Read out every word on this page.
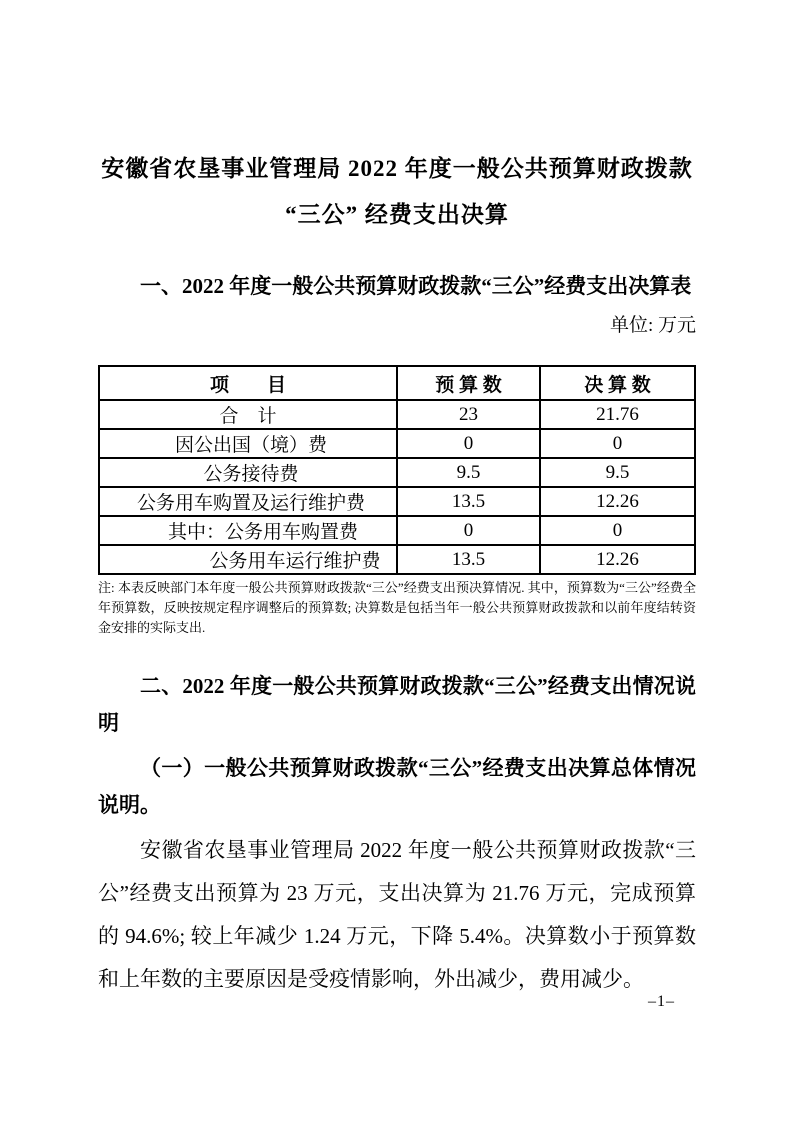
安徽省农垦事业管理局 2022 年度一般公共预算财政拨款
“三公” 经费支出决算
一、2022 年度一般公共预算财政拨款“三公”经费支出决算表
单位: 万元
项　　目	预 算 数	决 算 数
合　计	23	21.76
因公出国（境）费	0	0
公务接待费	9.5	9.5
公务用车购置及运行维护费	13.5	12.26
其中：公务用车购置费	0	0
公务用车运行维护费	13.5	12.26
注: 本表反映部门本年度一般公共预算财政拨款“三公”经费支出预决算情况. 其中，预算数为“三公”经费全年预算数，反映按规定程序调整后的预算数; 决算数是包括当年一般公共预算财政拨款和以前年度结转资金安排的实际支出.
二、2022 年度一般公共预算财政拨款“三公”经费支出情况说明
（一）一般公共预算财政拨款“三公”经费支出决算总体情况说明。
安徽省农垦事业管理局 2022 年度一般公共预算财政拨款“三公”经费支出预算为 23 万元，支出决算为 21.76 万元，完成预算的 94.6%; 较上年减少 1.24 万元，下降 5.4%。决算数小于预算数和上年数的主要原因是受疫情影响，外出减少，费用减少。
–1–
